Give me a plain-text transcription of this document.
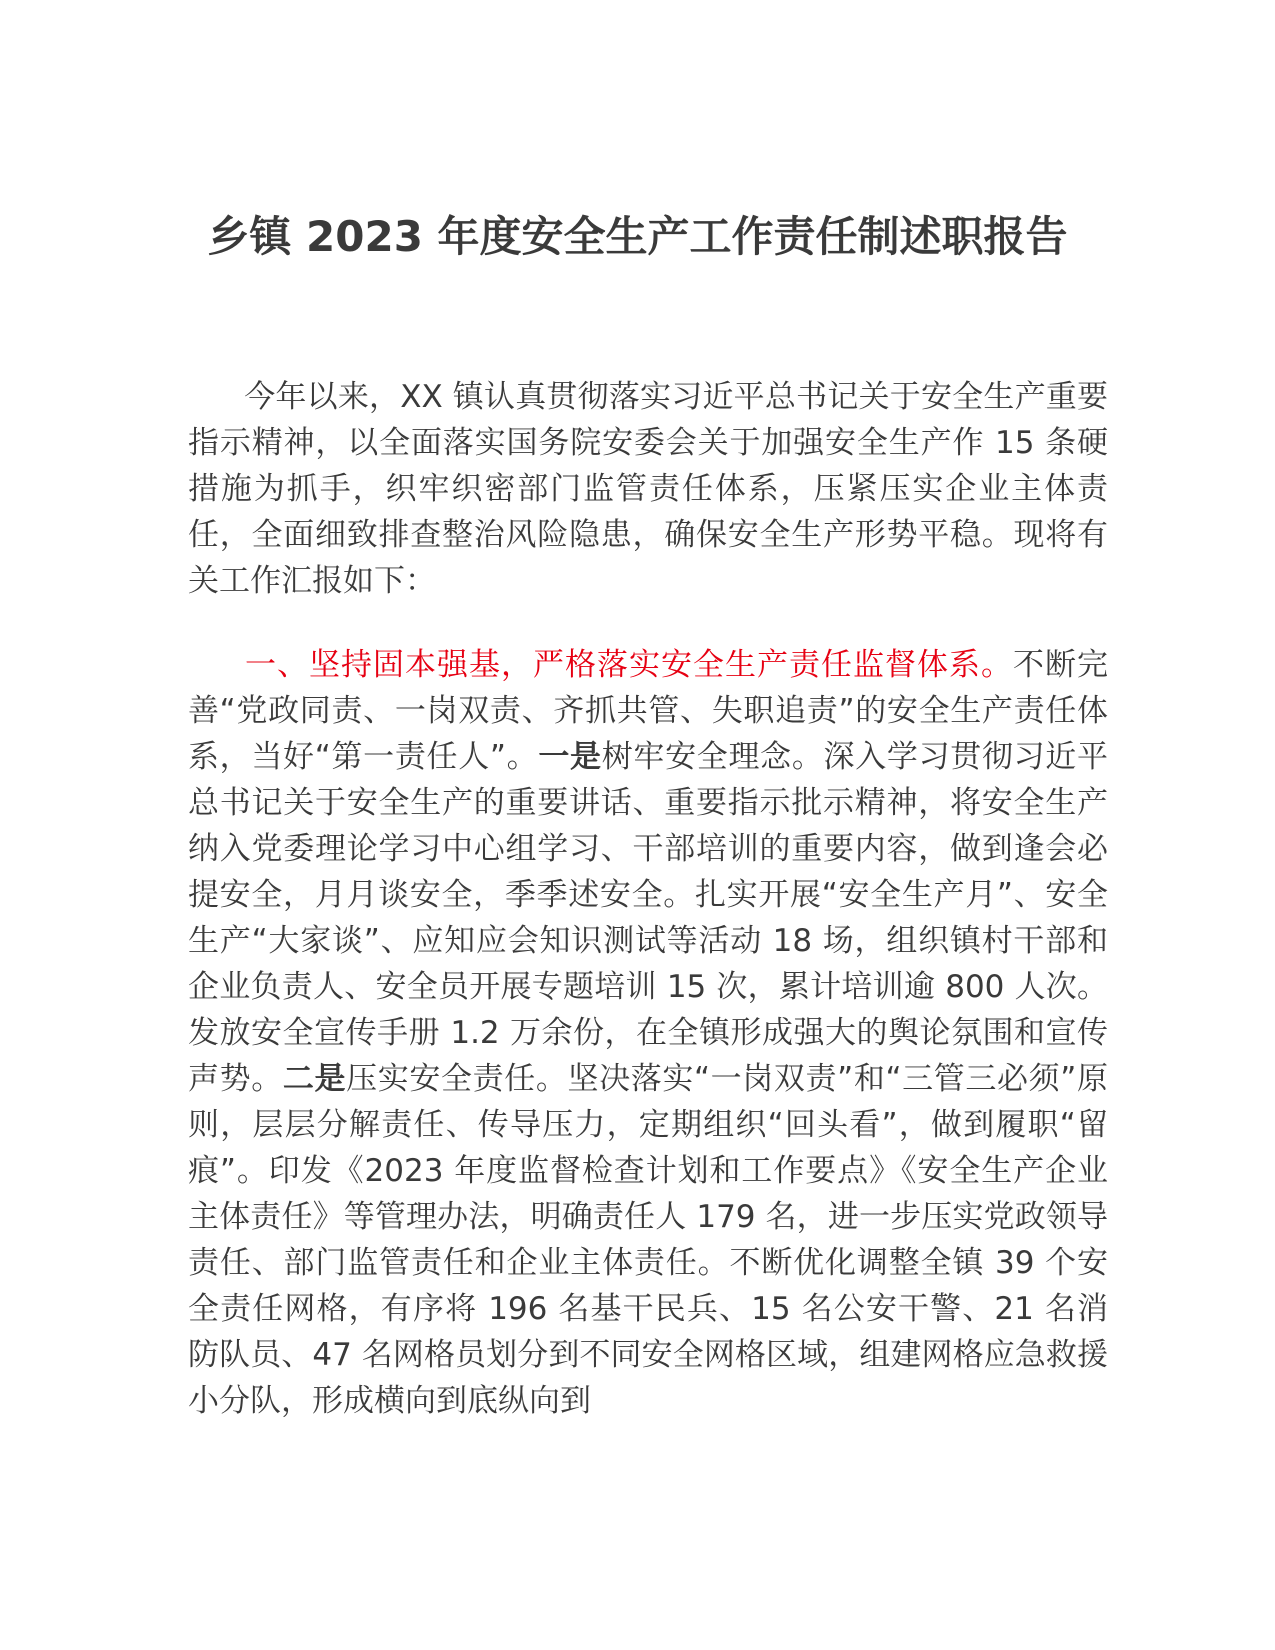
乡镇 2023 年度安全生产工作责任制述职报告

今年以来，XX 镇认真贯彻落实习近平总书记关于安全生产重要指示精神，以全面落实国务院安委会关于加强安全生产作 15 条硬措施为抓手，织牢织密部门监管责任体系，压紧压实企业主体责任，全面细致排查整治风险隐患，确保安全生产形势平稳。现将有关工作汇报如下：

一、坚持固本强基，严格落实安全生产责任监督体系。不断完善“党政同责、一岗双责、齐抓共管、失职追责”的安全生产责任体系，当好“第一责任人”。一是树牢安全理念。深入学习贯彻习近平总书记关于安全生产的重要讲话、重要指示批示精神，将安全生产纳入党委理论学习中心组学习、干部培训的重要内容，做到逢会必提安全，月月谈安全，季季述安全。扎实开展“安全生产月”、安全生产“大家谈”、应知应会知识测试等活动 18 场，组织镇村干部和企业负责人、安全员开展专题培训 15 次，累计培训逾 800 人次。发放安全宣传手册 1.2 万余份，在全镇形成强大的舆论氛围和宣传声势。二是压实安全责任。坚决落实“一岗双责”和“三管三必须”原则，层层分解责任、传导压力，定期组织“回头看”，做到履职“留痕”。印发《2023 年度监督检查计划和工作要点》《安全生产企业主体责任》等管理办法，明确责任人 179 名，进一步压实党政领导责任、部门监管责任和企业主体责任。不断优化调整全镇 39 个安全责任网格，有序将 196 名基干民兵、15 名公安干警、21 名消防队员、47 名网格员划分到不同安全网格区域，组建网格应急救援小分队，形成横向到底纵向到
